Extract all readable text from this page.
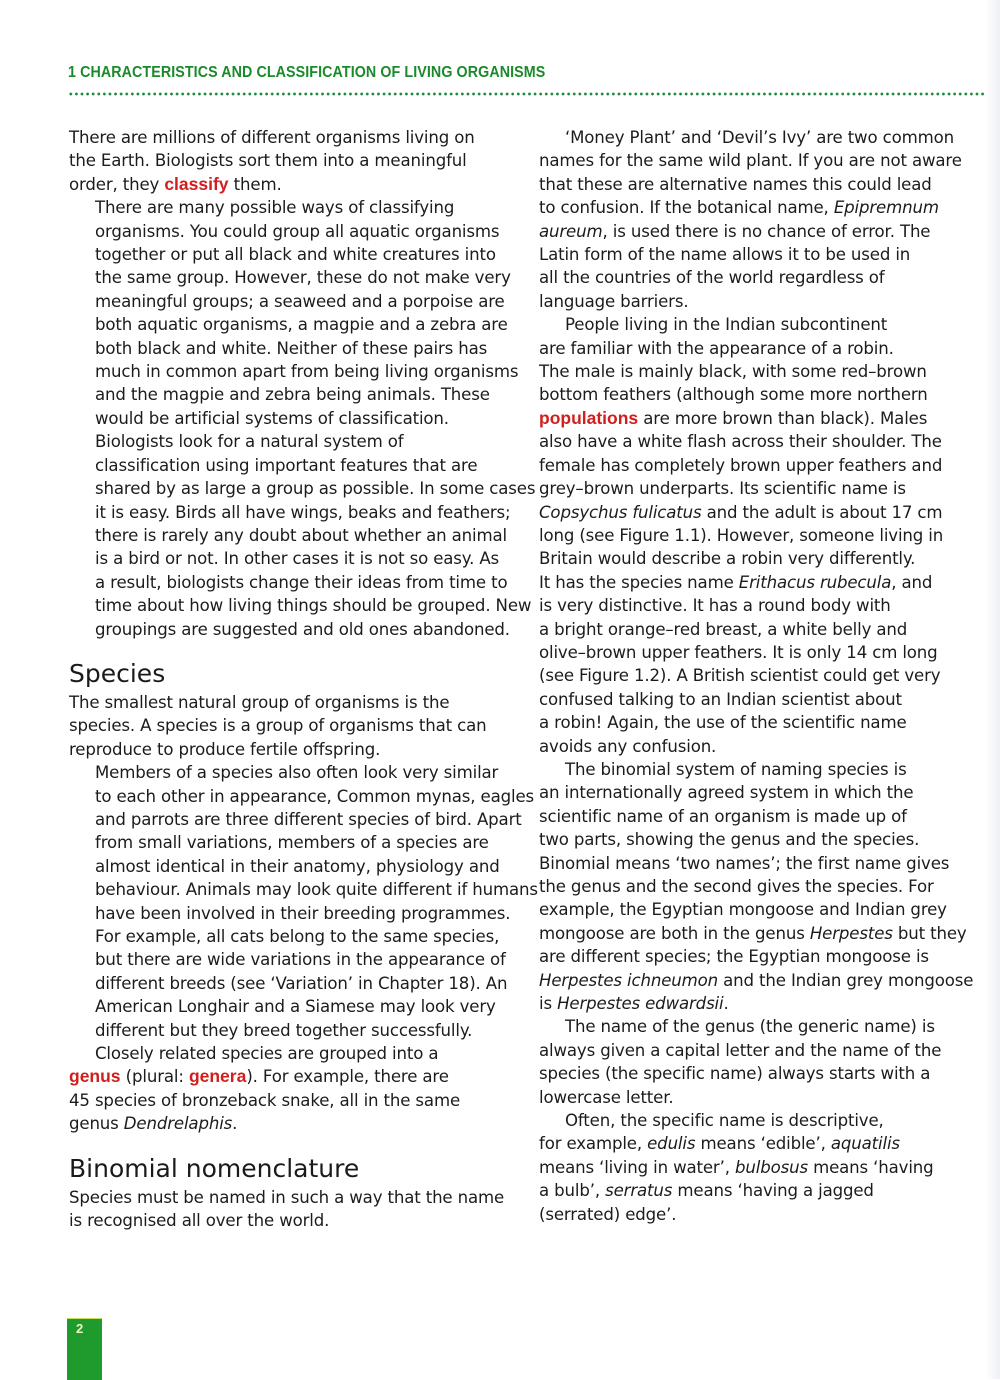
1 CHARACTERISTICS AND CLASSIFICATION OF LIVING ORGANISMS

There are millions of different organisms living on
the Earth. Biologists sort them into a meaningful
order, they classify them.

There are many possible ways of classifying
organisms. You could group all aquatic organisms
together or put all black and white creatures into
the same group. However, these do not make very
meaningful groups; a seaweed and a porpoise are
both aquatic organisms, a magpie and a zebra are
both black and white. Neither of these pairs has
much in common apart from being living organisms
and the magpie and zebra being animals. These
would be artificial systems of classification.

Biologists look for a natural system of
classification using important features that are
shared by as large a group as possible. In some cases
it is easy. Birds all have wings, beaks and feathers;
there is rarely any doubt about whether an animal
is a bird or not. In other cases it is not so easy. As
a result, biologists change their ideas from time to
time about how living things should be grouped. New
groupings are suggested and old ones abandoned.

Species

The smallest natural group of organisms is the
species. A species is a group of organisms that can
reproduce to produce fertile offspring.

Members of a species also often look very similar
to each other in appearance, Common mynas, eagles
and parrots are three different species of bird. Apart
from small variations, members of a species are
almost identical in their anatomy, physiology and
behaviour. Animals may look quite different if humans
have been involved in their breeding programmes.
For example, all cats belong to the same species,
but there are wide variations in the appearance of
different breeds (see ‘Variation’ in Chapter 18). An
American Longhair and a Siamese may look very
different but they breed together successfully.

Closely related species are grouped into a
genus (plural: genera). For example, there are
45 species of bronzeback snake, all in the same
genus Dendrelaphis.

Binomial nomenclature

Species must be named in such a way that the name
is recognised all over the world.

‘Money Plant’ and ‘Devil’s Ivy’ are two common
names for the same wild plant. If you are not aware
that these are alternative names this could lead
to confusion. If the botanical name, Epipremnum
aureum, is used there is no chance of error. The
Latin form of the name allows it to be used in
all the countries of the world regardless of
language barriers.

People living in the Indian subcontinent
are familiar with the appearance of a robin.
The male is mainly black, with some red–brown
bottom feathers (although some more northern
populations are more brown than black). Males
also have a white flash across their shoulder. The
female has completely brown upper feathers and
grey–brown underparts. Its scientific name is
Copsychus fulicatus and the adult is about 17 cm
long (see Figure 1.1). However, someone living in
Britain would describe a robin very differently.
It has the species name Erithacus rubecula, and
is very distinctive. It has a round body with
a bright orange–red breast, a white belly and
olive–brown upper feathers. It is only 14 cm long
(see Figure 1.2). A British scientist could get very
confused talking to an Indian scientist about
a robin! Again, the use of the scientific name
avoids any confusion.

The binomial system of naming species is
an internationally agreed system in which the
scientific name of an organism is made up of
two parts, showing the genus and the species.
Binomial means ‘two names’; the first name gives
the genus and the second gives the species. For
example, the Egyptian mongoose and Indian grey
mongoose are both in the genus Herpestes but they
are different species; the Egyptian mongoose is
Herpestes ichneumon and the Indian grey mongoose
is Herpestes edwardsii.

The name of the genus (the generic name) is
always given a capital letter and the name of the
species (the specific name) always starts with a
lowercase letter.

Often, the specific name is descriptive,
for example, edulis means ‘edible’, aquatilis
means ‘living in water’, bulbosus means ‘having
a bulb’, serratus means ‘having a jagged
(serrated) edge’.

2
